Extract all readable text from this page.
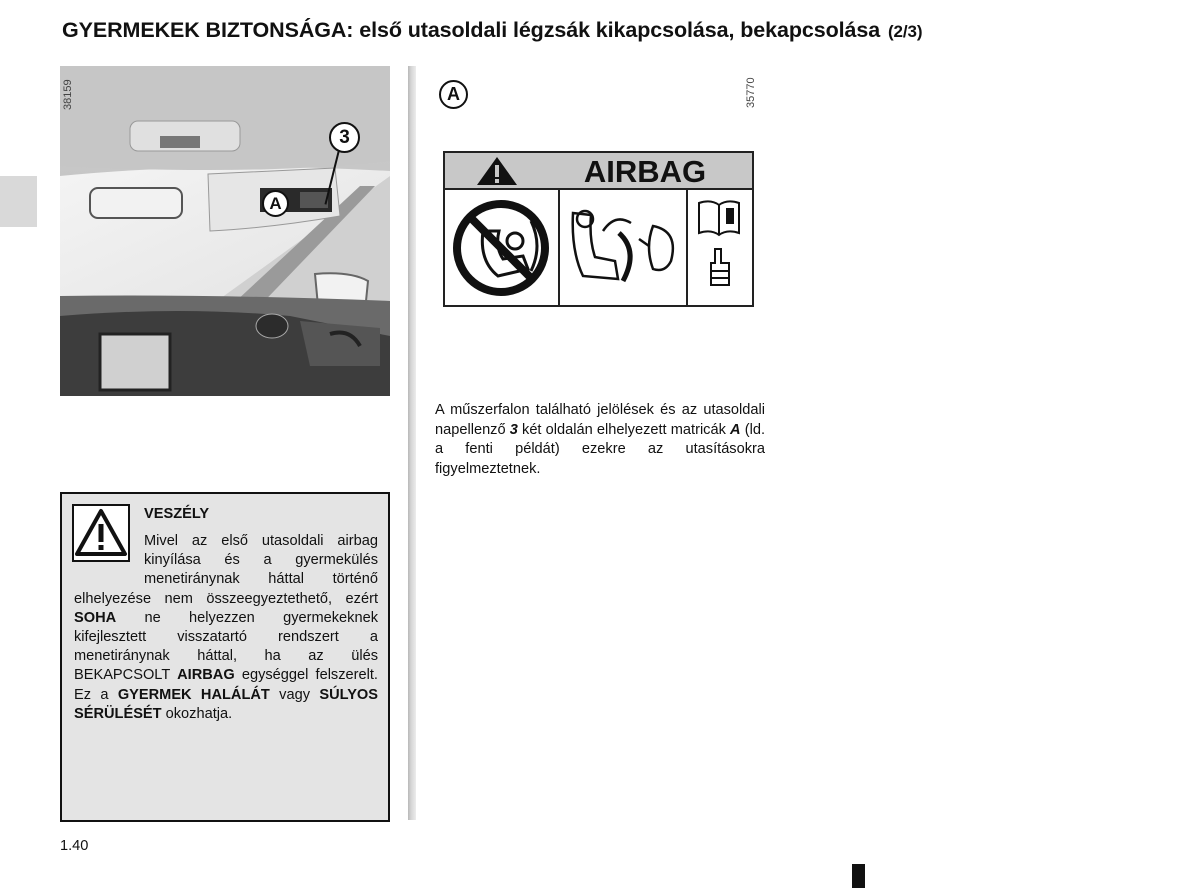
GYERMEKEK BIZTONSÁGA: első utasoldali légzsák kikapcsolása, bekapcsolása (2/3)
3
A
38159	A	35770
AIRBAG
A műszerfalon található jelölések és az utasoldali napellenző 3 két oldalán elhelyezett matricák A (ld. a fenti példát) ezekre az utasításokra figyelmeztetnek.
VESZÉLY
Mivel az első utasoldali airbag kinyílása és a gyermekülés menetiránynak háttal történő elhelyezése nem összeegyeztethető, ezért SOHA ne helyezzen gyermekeknek kifejlesztett visszatartó rendszert a menetiránynak háttal, ha az ülés BEKAPCSOLT AIRBAG egységgel felszerelt. Ez a GYERMEK HALÁLÁT vagy SÚLYOS SÉRÜLÉSÉT okozhatja.
1.40
